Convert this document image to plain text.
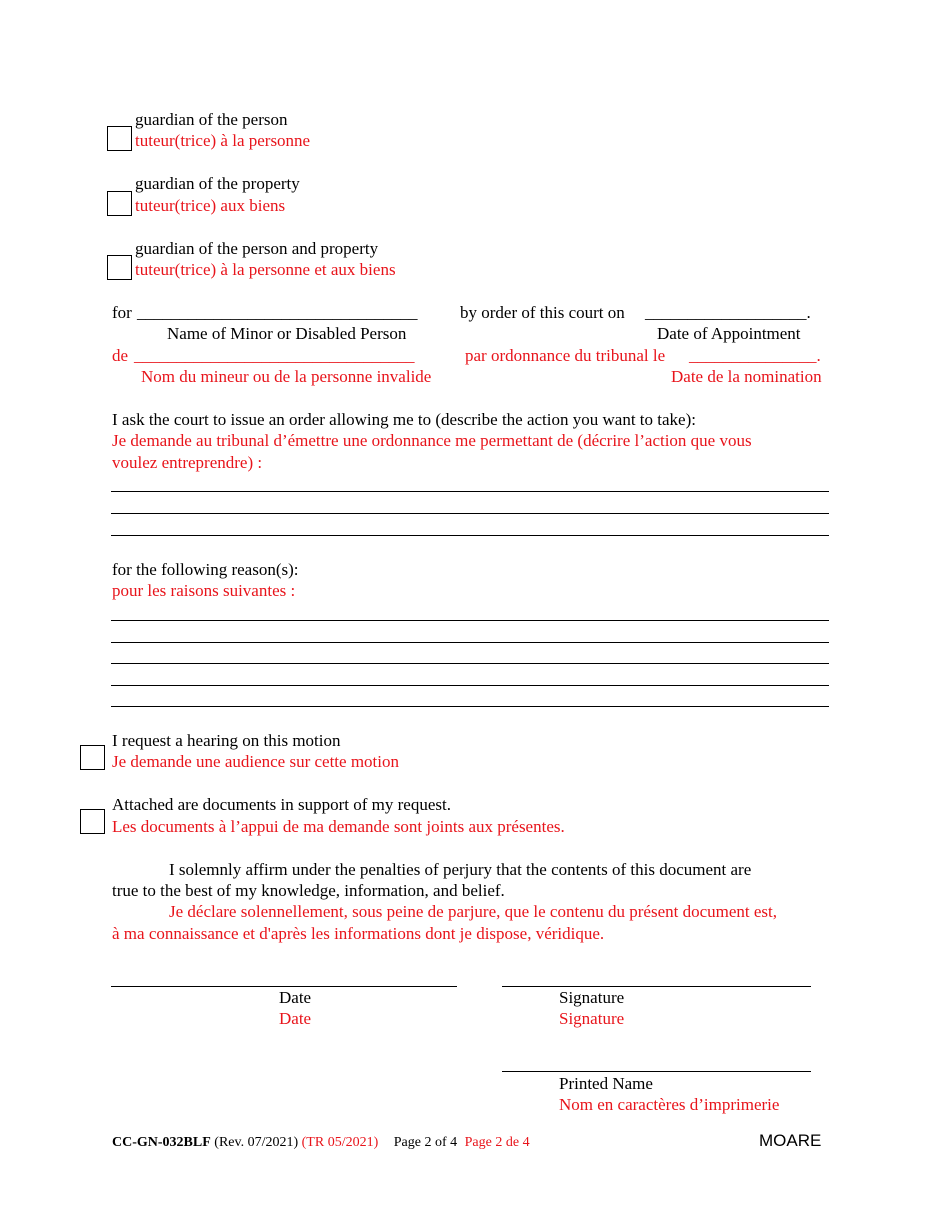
guardian of the person
tuteur(trice) à la personne
guardian of the property
tuteur(trice) aux biens
guardian of the person and property
tuteur(trice) à la personne et aux biens
for _________________________________	by order of this court on ___________________.
Name of Minor or Disabled Person	Date of Appointment
de _________________________________	par ordonnance du tribunal le _______________.
Nom du mineur ou de la personne invalide	Date de la nomination
I ask the court to issue an order allowing me to (describe the action you want to take):
Je demande au tribunal d’émettre une ordonnance me permettant de (décrire l’action que vous
voulez entreprendre) :
for the following reason(s):
pour les raisons suivantes :
I request a hearing on this motion
Je demande une audience sur cette motion
Attached are documents in support of my request.
Les documents à l’appui de ma demande sont joints aux présentes.
I solemnly affirm under the penalties of perjury that the contents of this document are
true to the best of my knowledge, information, and belief.
Je déclare solennellement, sous peine de parjure, que le contenu du présent document est,
à ma connaissance et d'après les informations dont je dispose, véridique.
Date
Date
Signature
Signature
Printed Name
Nom en caractères d’imprimerie
CC-GN-032BLF (Rev. 07/2021) (TR 05/2021) Page 2 of 4 Page 2 de 4	MOARE
